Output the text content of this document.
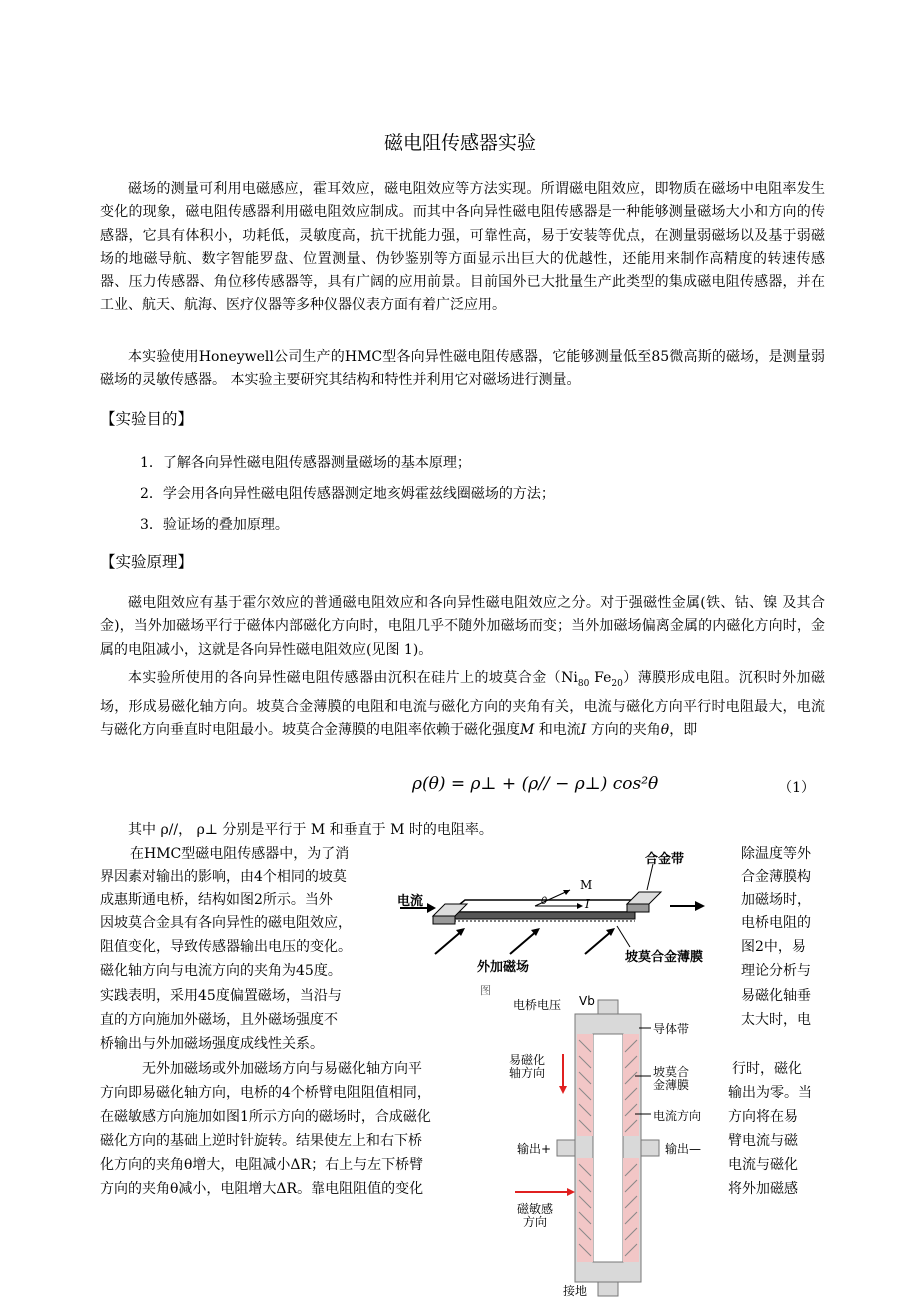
磁电阻传感器实验

磁场的测量可利用电磁感应，霍耳效应，磁电阻效应等方法实现。所谓磁电阻效应，即物质在磁场中电阻率发生变化的现象，磁电阻传感器利用磁电阻效应制成。而其中各向异性磁电阻传感器是一种能够测量磁场大小和方向的传感器，它具有体积小，功耗低，灵敏度高，抗干扰能力强，可靠性高，易于安装等优点，在测量弱磁场以及基于弱磁场的地磁导航、数字智能罗盘、位置测量、伪钞鉴别等方面显示出巨大的优越性，还能用来制作高精度的转速传感器、压力传感器、角位移传感器等，具有广阔的应用前景。目前国外已大批量生产此类型的集成磁电阻传感器，并在工业、航天、航海、医疗仪器等多种仪器仪表方面有着广泛应用。

本实验使用Honeywell公司生产的HMC型各向异性磁电阻传感器，它能够测量低至85微高斯的磁场，是测量弱磁场的灵敏传感器。 本实验主要研究其结构和特性并利用它对磁场进行测量。

【实验目的】
1．了解各向异性磁电阻传感器测量磁场的基本原理；
2．学会用各向异性磁电阻传感器测定地亥姆霍兹线圈磁场的方法；
3．验证场的叠加原理。
【实验原理】

磁电阻效应有基于霍尔效应的普通磁电阻效应和各向异性磁电阻效应之分。对于强磁性金属(铁、钴、镍 及其合金)，当外加磁场平行于磁体内部磁化方向时，电阻几乎不随外加磁场而变；当外加磁场偏离金属的内磁化方向时，金属的电阻减小，这就是各向异性磁电阻效应(见图 1)。

本实验所使用的各向异性磁电阻传感器由沉积在硅片上的坡莫合金（$Ni_{80}$ $Fe_{20}$）薄膜形成电阻。沉积时外加磁场，形成易磁化轴方向。坡莫合金薄膜的电阻和电流与磁化方向的夹角有关，电流与磁化方向平行时电阻最大，电流与磁化方向垂直时电阻最小。坡莫合金薄膜的电阻率依赖于磁化强度M 和电流I 方向的夹角θ，即

ρ(θ) = ρ⊥ + (ρ// − ρ⊥) cos²θ	（1）
其中 ρ//， ρ⊥ 分别是平行于 M 和垂直于 M 时的电阻率。
在HMC型磁电阻传感器中，为了消
界因素对输出的影响，由4个相同的坡莫
成惠斯通电桥，结构如图2所示。当外
因坡莫合金具有各向异性的磁电阻效应，
阻值变化，导致传感器输出电压的变化。
磁化轴方向与电流方向的夹角为45度。
实践表明，采用45度偏置磁场，当沿与
直的方向施加外磁场，且外磁场强度不
桥输出与外加磁场强度成线性关系。
除温度等外
合金薄膜构
加磁场时，
电桥电阻的
图2中，易
理论分析与
易磁化轴垂
太大时，电
无外加磁场或外加磁场方向与易磁化轴方向平
方向即易磁化轴方向，电桥的4个桥臂电阻阻值相同，
在磁敏感方向施加如图1所示方向的磁场时，合成磁化
磁化方向的基础上逆时针旋转。结果使左上和右下桥
化方向的夹角θ增大，电阻减小ΔR；右上与左下桥臂
方向的夹角θ减小，电阻增大ΔR。靠电阻阻值的变化
行时，磁化
输出为零。当
方向将在易
臂电流与磁
电流与磁化
将外加磁感
合金带
电流
M
θ	I
外加磁场
坡莫合金薄膜
图
电桥电压 Vb
导体带
易磁化轴方向	坡莫合金薄膜
电流方向
输出+	输出—
磁敏感方向
接地
